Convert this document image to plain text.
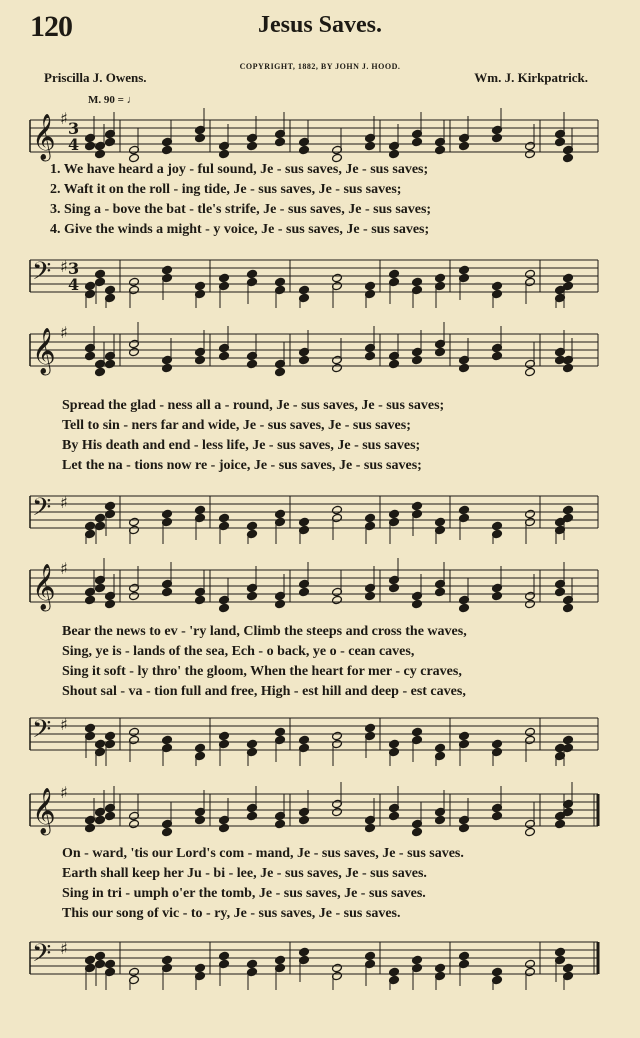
120	Jesus Saves.
COPYRIGHT, 1882, BY JOHN J. HOOD.
Priscilla J. Owens.	Wm. J. Kirkpatrick.
M. 90 = ♩
𝄞 ♯
3
4
1. We have heard a joy - ful sound, Je - sus saves, Je - sus saves;
2. Waft it on the roll - ing tide, Je - sus saves, Je - sus saves;
3. Sing a - bove the bat - tle's strife, Je - sus saves, Je - sus saves;
4. Give the winds a might - y voice, Je - sus saves, Je - sus saves;
𝄢 ♯ 3
4
𝄞 ♯
Spread the glad - ness all a - round, Je - sus saves, Je - sus saves;
Tell to sin - ners far and wide, Je - sus saves, Je - sus saves;
By His death and end - less life, Je - sus saves, Je - sus saves;
Let the na - tions now re - joice, Je - sus saves, Je - sus saves;
𝄢 ♯
𝄞 ♯
Bear the news to ev - 'ry land, Climb the steeps and cross the waves,
Sing, ye is - lands of the sea, Ech - o back, ye o - cean caves,
Sing it soft - ly thro' the gloom, When the heart for mer - cy craves,
Shout sal - va - tion full and free, High - est hill and deep - est caves,
𝄢 ♯
𝄞 ♯
On - ward, 'tis our Lord's com - mand, Je - sus saves, Je - sus saves.
Earth shall keep her Ju - bi - lee, Je - sus saves, Je - sus saves.
Sing in tri - umph o'er the tomb, Je - sus saves, Je - sus saves.
This our song of vic - to - ry, Je - sus saves, Je - sus saves.
𝄢 ♯
